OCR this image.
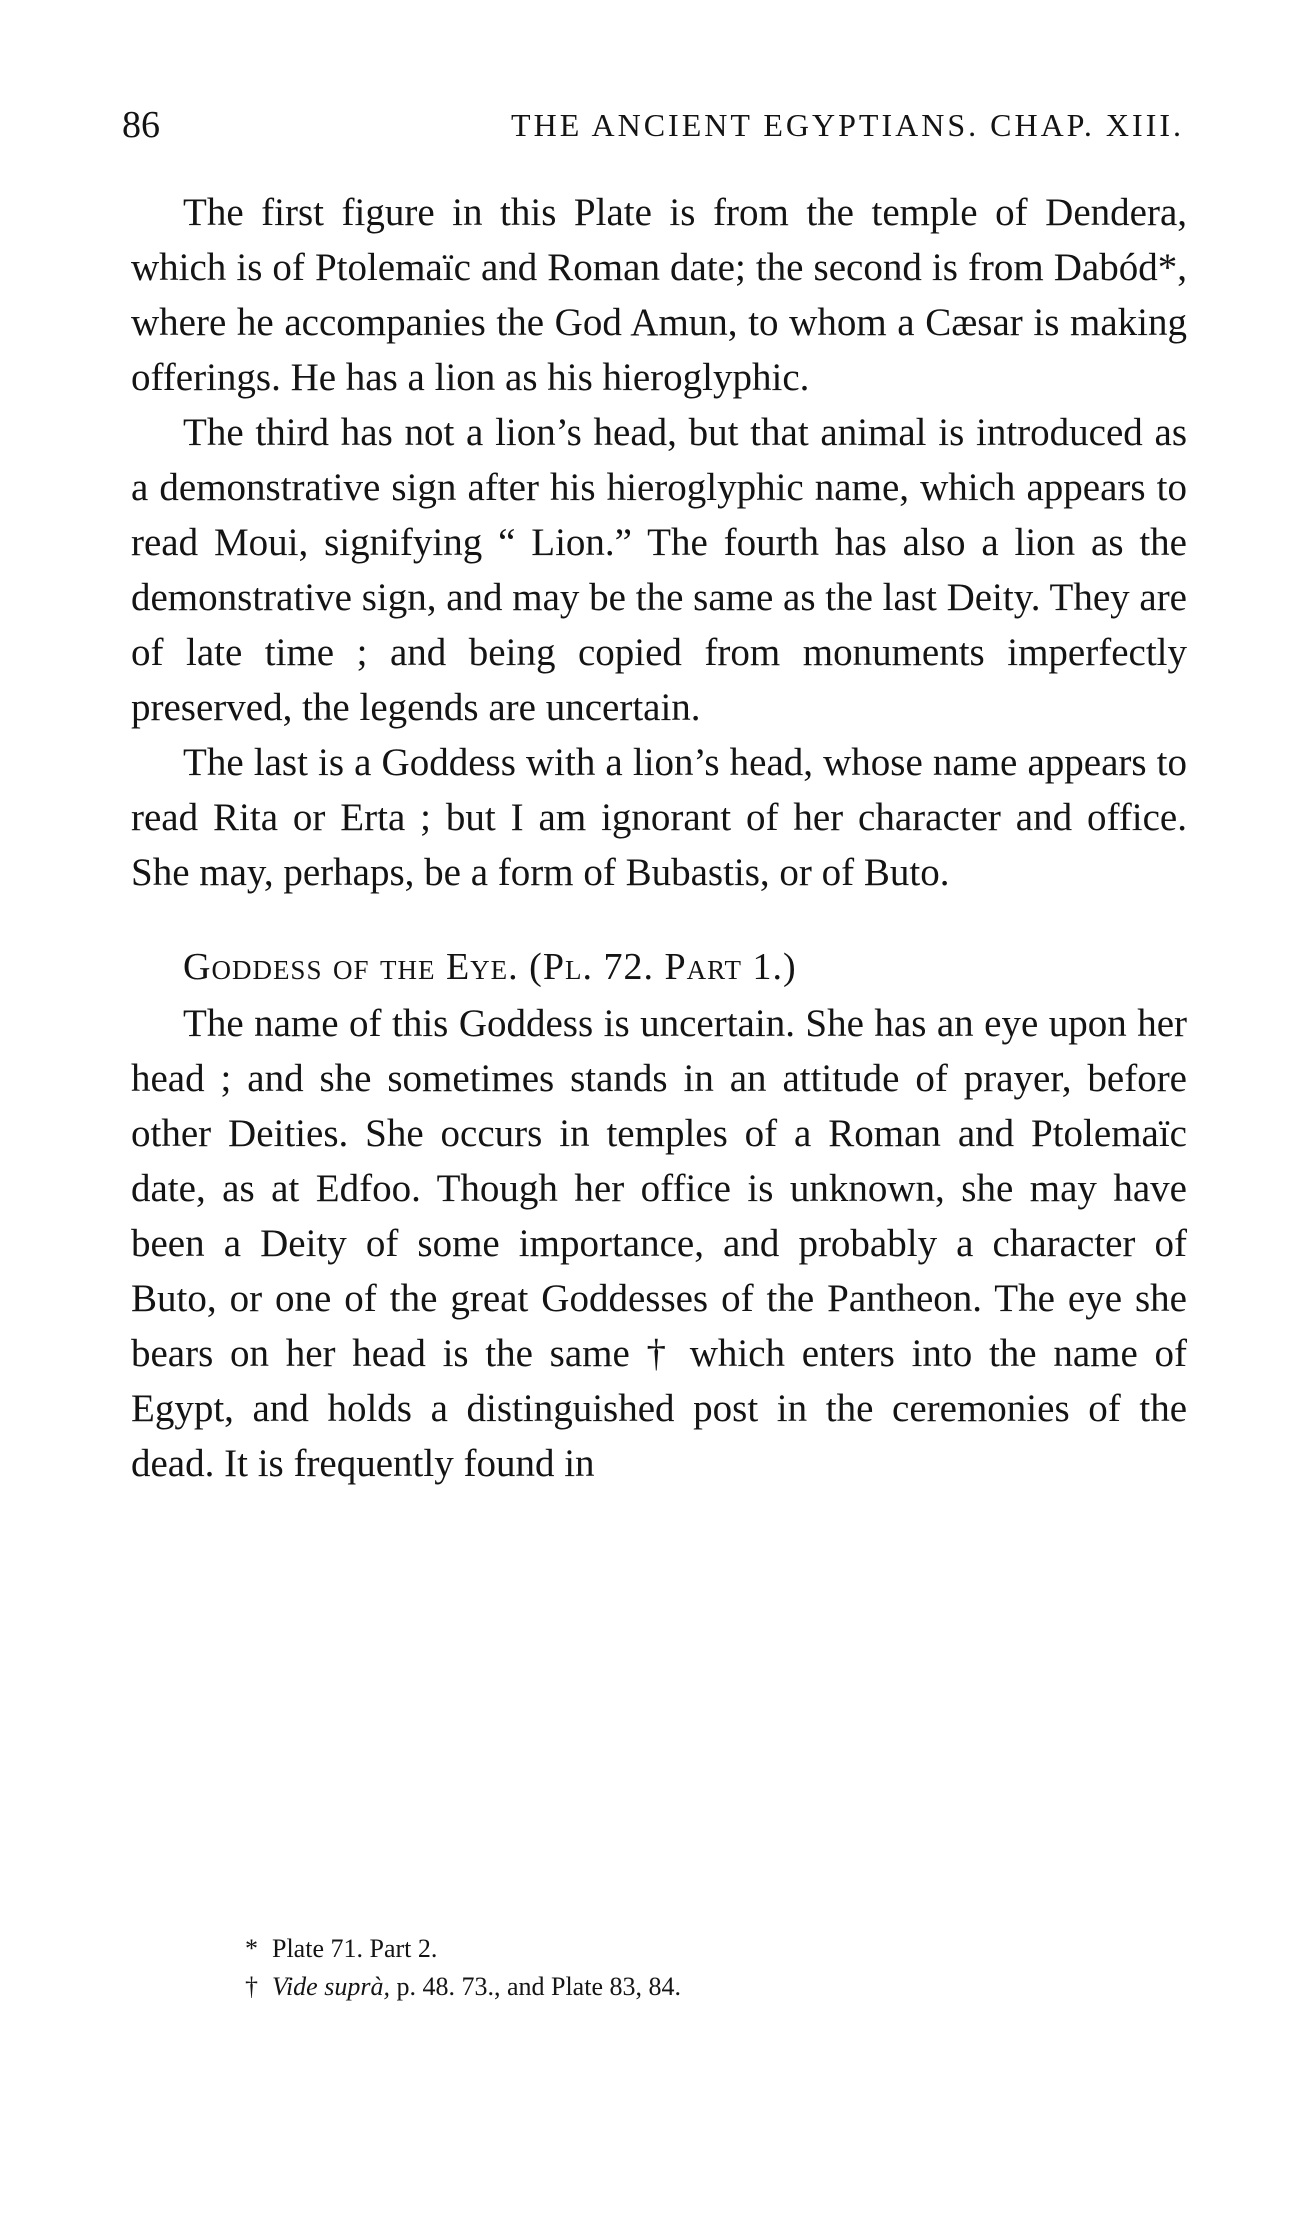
86	THE ANCIENT EGYPTIANS. CHAP. XIII.

The first figure in this Plate is from the temple of Dendera, which is of Ptolemaïc and Roman date; the second is from Dabód*, where he accompanies the God Amun, to whom a Cæsar is making offerings. He has a lion as his hieroglyphic.

The third has not a lion’s head, but that animal is introduced as a demonstrative sign after his hieroglyphic name, which appears to read Moui, signifying “ Lion.” The fourth has also a lion as the demonstrative sign, and may be the same as the last Deity. They are of late time ; and being copied from monuments imperfectly preserved, the legends are uncertain.

The last is a Goddess with a lion’s head, whose name appears to read Rita or Erta ; but I am ignorant of her character and office. She may, perhaps, be a form of Bubastis, or of Buto.

Goddess of the Eye. (Pl. 72. Part 1.)

The name of this Goddess is uncertain. She has an eye upon her head ; and she sometimes stands in an attitude of prayer, before other Deities. She occurs in temples of a Roman and Ptolemaïc date, as at Edfoo. Though her office is unknown, she may have been a Deity of some importance, and probably a character of Buto, or one of the great Goddesses of the Pantheon. The eye she bears on her head is the same † which enters into the name of Egypt, and holds a distinguished post in the ceremonies of the dead. It is frequently found in

* Plate 71. Part 2.

† Vide suprà, p. 48. 73., and Plate 83, 84.
